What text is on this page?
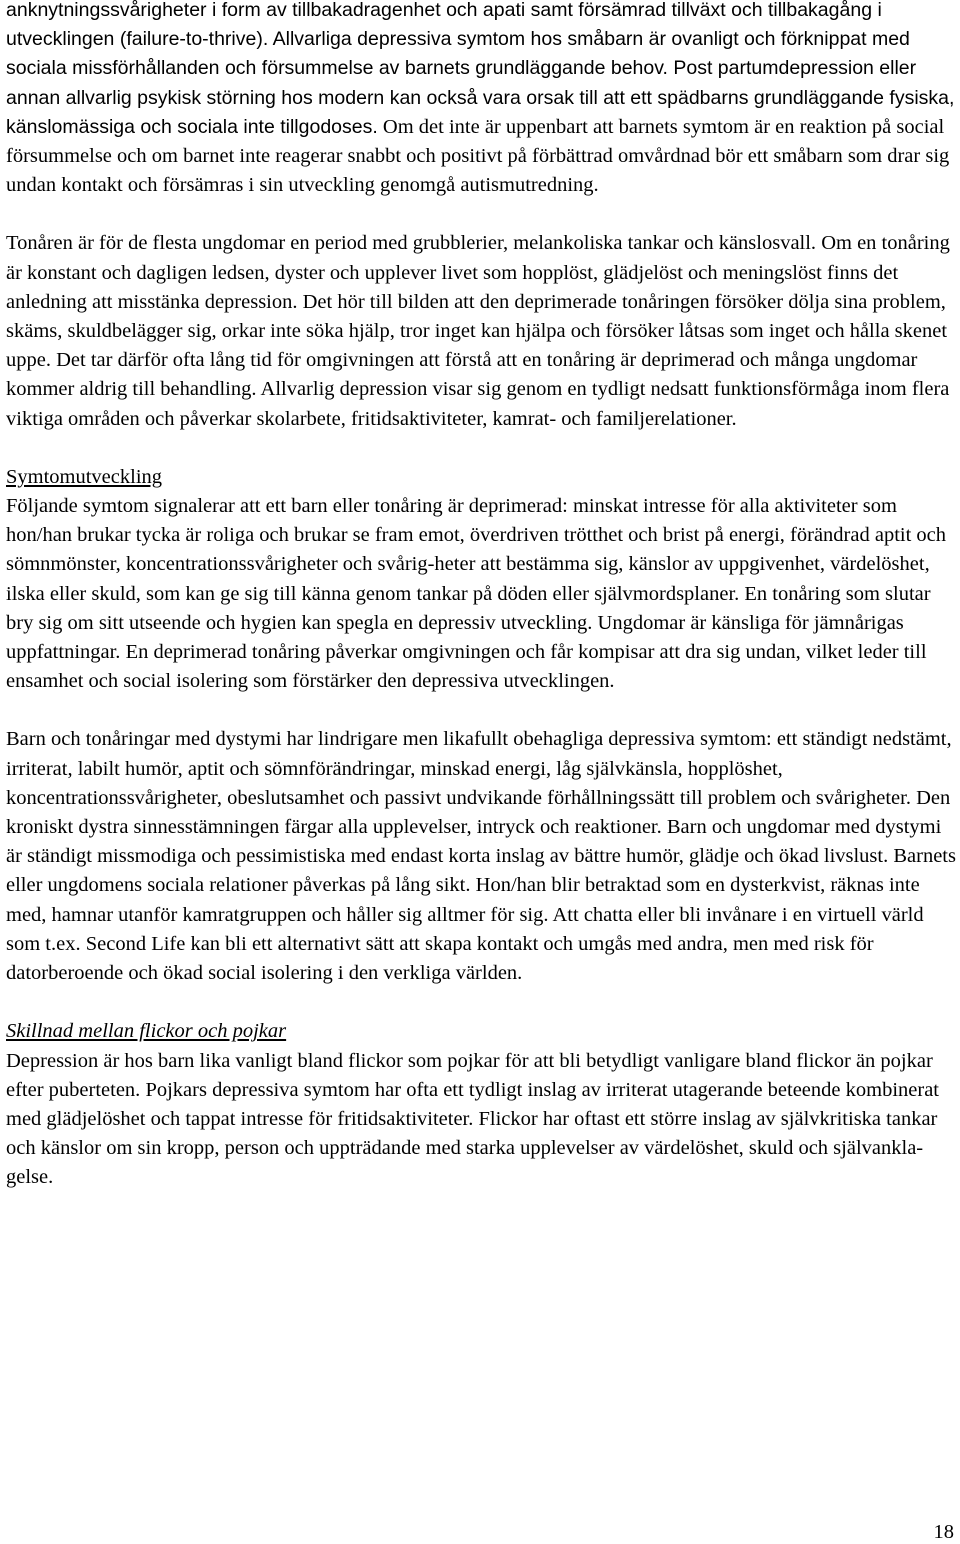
anknytningssvårigheter i form av tillbakadragenhet och apati samt försämrad tillväxt och tillbakagång i utvecklingen (failure-to-thrive). Allvarliga depressiva symtom hos småbarn är ovanligt och förknippat med sociala missförhållanden och försummelse av barnets grundläggande behov. Post partumdepression eller annan allvarlig psykisk störning hos modern kan också vara orsak till att ett spädbarns grundläggande fysiska, känslomässiga och sociala inte tillgodoses. Om det inte är uppenbart att barnets symtom är en reaktion på social försummelse och om barnet inte reagerar snabbt och positivt på förbättrad omvårdnad bör ett småbarn som drar sig undan kontakt och försämras i sin utveckling genomgå autismutredning.

Tonåren är för de flesta ungdomar en period med grubblerier, melankoliska tankar och känslosvall. Om en tonåring är konstant och dagligen ledsen, dyster och upplever livet som hopplöst, glädjelöst och meningslöst finns det anledning att misstänka depression. Det hör till bilden att den deprimerade tonåringen försöker dölja sina problem, skäms, skuldbelägger sig, orkar inte söka hjälp, tror inget kan hjälpa och försöker låtsas som inget och hålla skenet uppe. Det tar därför ofta lång tid för omgivningen att förstå att en tonåring är deprimerad och många ungdomar kommer aldrig till behandling. Allvarlig depression visar sig genom en tydligt nedsatt funktionsförmåga inom flera viktiga områden och påverkar skolarbete, fritidsaktiviteter, kamrat- och familjerelationer.

Symtomutveckling
Följande symtom signalerar att ett barn eller tonåring är deprimerad: minskat intresse för alla aktiviteter som hon/han brukar tycka är roliga och brukar se fram emot, överdriven trötthet och brist på energi, förändrad aptit och sömnmönster, koncentrationssvårigheter och svårig-heter att bestämma sig, känslor av uppgivenhet, värdelöshet, ilska eller skuld, som kan ge sig till känna genom tankar på döden eller självmordsplaner. En tonåring som slutar bry sig om sitt utseende och hygien kan spegla en depressiv utveckling. Ungdomar är känsliga för jämnårigas uppfattningar. En deprimerad tonåring påverkar omgivningen och får kompisar att dra sig undan, vilket leder till ensamhet och social isolering som förstärker den depressiva utvecklingen.

Barn och tonåringar med dystymi har lindrigare men likafullt obehagliga depressiva symtom: ett ständigt nedstämt, irriterat, labilt humör, aptit och sömnförändringar, minskad energi, låg självkänsla, hopplöshet, koncentrationssvårigheter, obeslutsamhet och passivt undvikande förhållningssätt till problem och svårigheter. Den kroniskt dystra sinnesstämningen färgar alla upplevelser, intryck och reaktioner. Barn och ungdomar med dystymi är ständigt missmodiga och pessimistiska med endast korta inslag av bättre humör, glädje och ökad livslust. Barnets eller ungdomens sociala relationer påverkas på lång sikt. Hon/han blir betraktad som en dysterkvist, räknas inte med, hamnar utanför kamratgruppen och håller sig alltmer för sig. Att chatta eller bli invånare i en virtuell värld som t.ex. Second Life kan bli ett alternativt sätt att skapa kontakt och umgås med andra, men med risk för datorberoende och ökad social isolering i den verkliga världen.

Skillnad mellan flickor och pojkar
Depression är hos barn lika vanligt bland flickor som pojkar för att bli betydligt vanligare bland flickor än pojkar efter puberteten. Pojkars depressiva symtom har ofta ett tydligt inslag av irriterat utagerande beteende kombinerat med glädjelöshet och tappat intresse för fritidsaktiviteter. Flickor har oftast ett större inslag av självkritiska tankar och känslor om sin kropp, person och uppträdande med starka upplevelser av värdelöshet, skuld och självankla-gelse.

18
